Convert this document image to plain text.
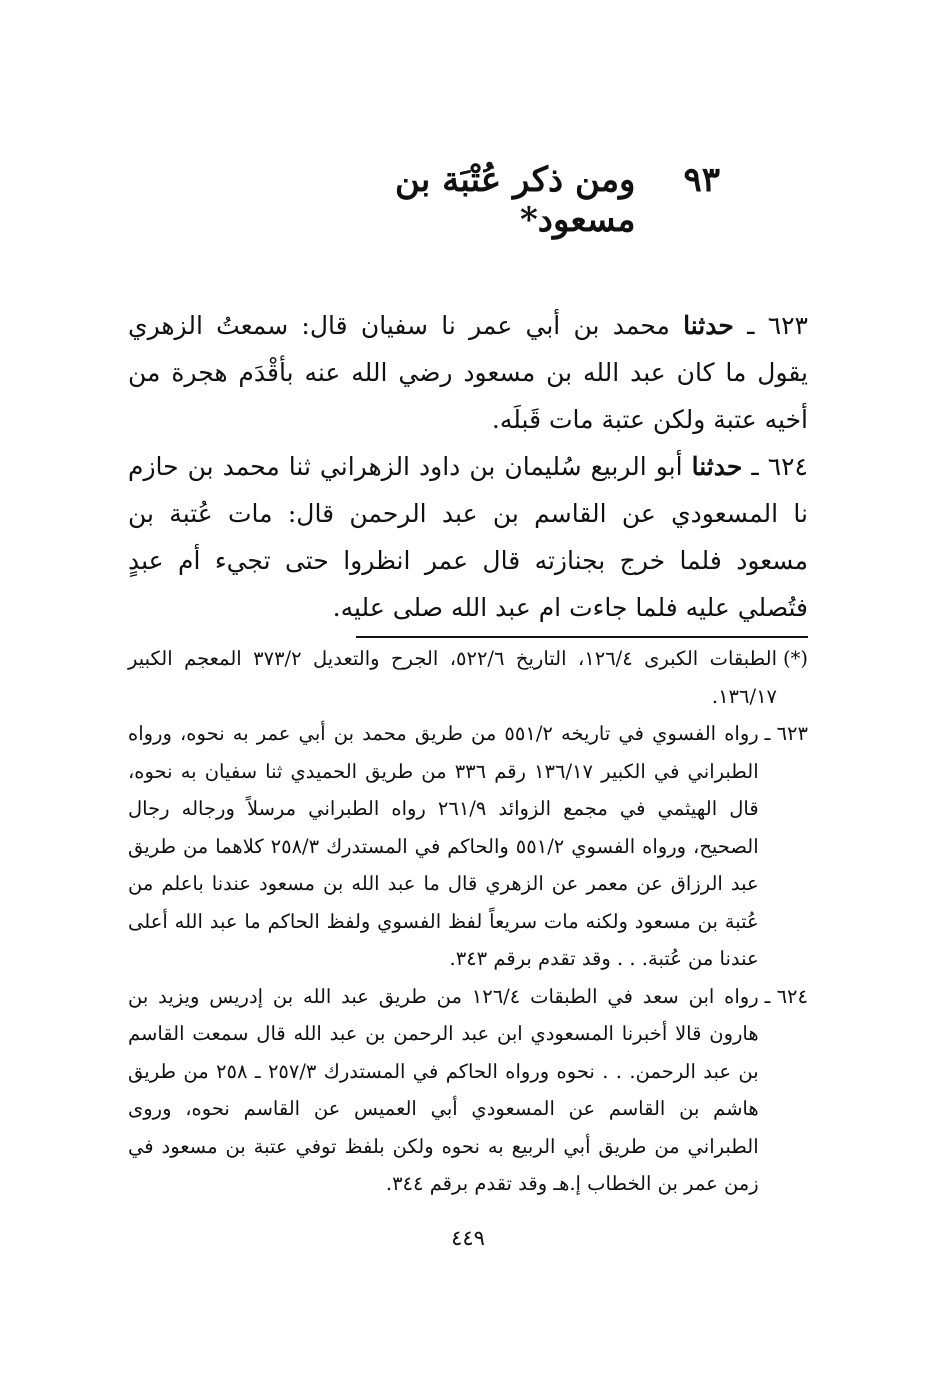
٩٣
ومن ذكر عُتْبَة بن مسعود*

٦٢٣ ـ حدثنا محمد بن أبي عمر نا سفيان قال: سمعتُ الزهري يقول ما كان عبد الله بن مسعود رضي الله عنه بأقْدَم هجرة من أخيه عتبة ولكن عتبة مات قَبلَه.

٦٢٤ ـ حدثنا أبو الربيع سُليمان بن داود الزهراني ثنا محمد بن حازم نا المسعودي عن القاسم بن عبد الرحمن قال: مات عُتبة بن مسعود فلما خرج بجنازته قال عمر انظروا حتى تجيء أم عبدٍ فتُصلي عليه فلما جاءت ام عبد الله صلى عليه.

(*)
الطبقات الكبرى ١٢٦/٤، التاريخ ٥٢٢/٦، الجرح والتعديل ٣٧٣/٢ المعجم الكبير ١٣٦/١٧.
٦٢٣ ـ
رواه الفسوي في تاريخه ٥٥١/٢ من طريق محمد بن أبي عمر به نحوه، ورواه الطبراني في الكبير ١٣٦/١٧ رقم ٣٣٦ من طريق الحميدي ثنا سفيان به نحوه، قال الهيثمي في مجمع الزوائد ٢٦١/٩ رواه الطبراني مرسلاً ورجاله رجال الصحيح، ورواه الفسوي ٥٥١/٢ والحاكم في المستدرك ٢٥٨/٣ كلاهما من طريق عبد الرزاق عن معمر عن الزهري قال ما عبد الله بن مسعود عندنا باعلم من عُتبة بن مسعود ولكنه مات سريعاً لفظ الفسوي ولفظ الحاكم ما عبد الله أعلى عندنا من عُتبة. . . وقد تقدم برقم ٣٤٣.
٦٢٤ ـ
رواه ابن سعد في الطبقات ١٢٦/٤ من طريق عبد الله بن إدريس ويزيد بن هارون قالا أخبرنا المسعودي ابن عبد الرحمن بن عبد الله قال سمعت القاسم بن عبد الرحمن. . . نحوه ورواه الحاكم في المستدرك ٢٥٧/٣ ـ ٢٥٨ من طريق هاشم بن القاسم عن المسعودي أبي العميس عن القاسم نحوه، وروى الطبراني من طريق أبي الربيع به نحوه ولكن بلفظ توفي عتبة بن مسعود في زمن عمر بن الخطاب إ.هـ وقد تقدم برقم ٣٤٤.
٤٤٩
